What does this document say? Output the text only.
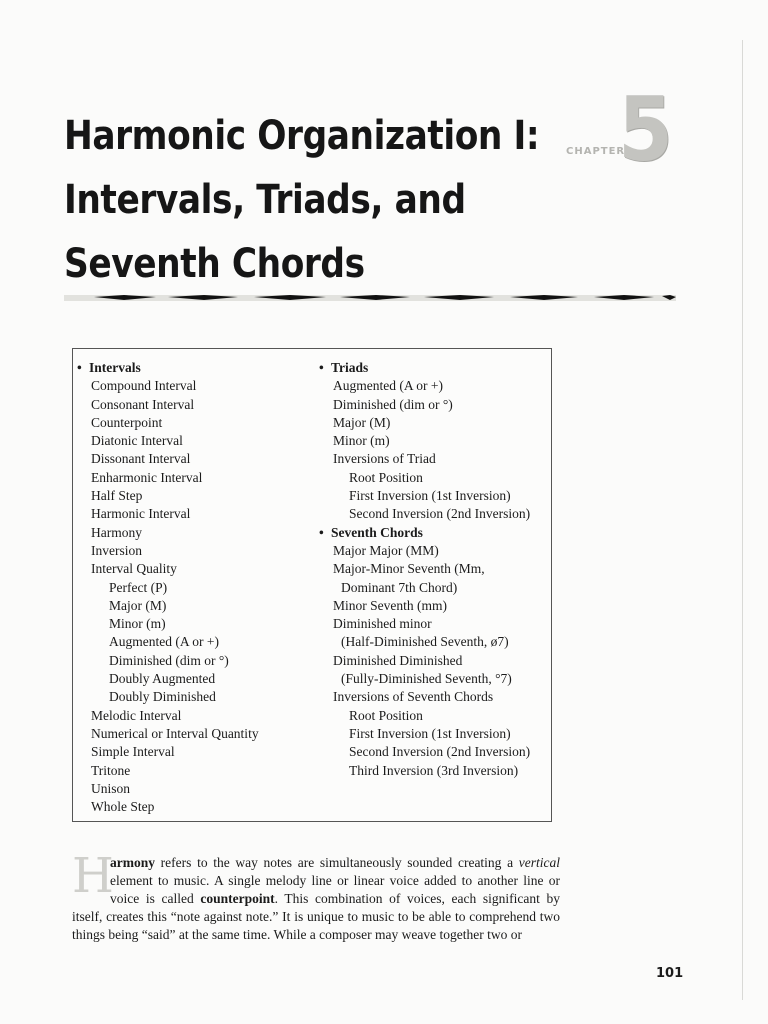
Harmonic Organization I:
Intervals, Triads, and
Seventh Chords
CHAPTER
5
• Intervals
Compound Interval
Consonant Interval
Counterpoint
Diatonic Interval
Dissonant Interval
Enharmonic Interval
Half Step
Harmonic Interval
Harmony
Inversion
Interval Quality
Perfect (P)
Major (M)
Minor (m)
Augmented (A or +)
Diminished (dim or °)
Doubly Augmented
Doubly Diminished
Melodic Interval
Numerical or Interval Quantity
Simple Interval
Tritone
Unison
Whole Step
• Triads
Augmented (A or +)
Diminished (dim or °)
Major (M)
Minor (m)
Inversions of Triad
Root Position
First Inversion (1st Inversion)
Second Inversion (2nd Inversion)
• Seventh Chords
Major Major (MM)
Major-Minor Seventh (Mm,
Dominant 7th Chord)
Minor Seventh (mm)
Diminished minor
(Half-Diminished Seventh, ø7)
Diminished Diminished
(Fully-Diminished Seventh, °7)
Inversions of Seventh Chords
Root Position
First Inversion (1st Inversion)
Second Inversion (2nd Inversion)
Third Inversion (3rd Inversion)

H
armony refers to the way notes are simultaneously sounded creating a vertical element to music. A single melody line or linear voice added to another line or voice is called counterpoint. This combination of voices, each significant by itself, creates this “note against note.” It is unique to music to be able to comprehend two things being “said” at the same time. While a composer may weave together two or

101
